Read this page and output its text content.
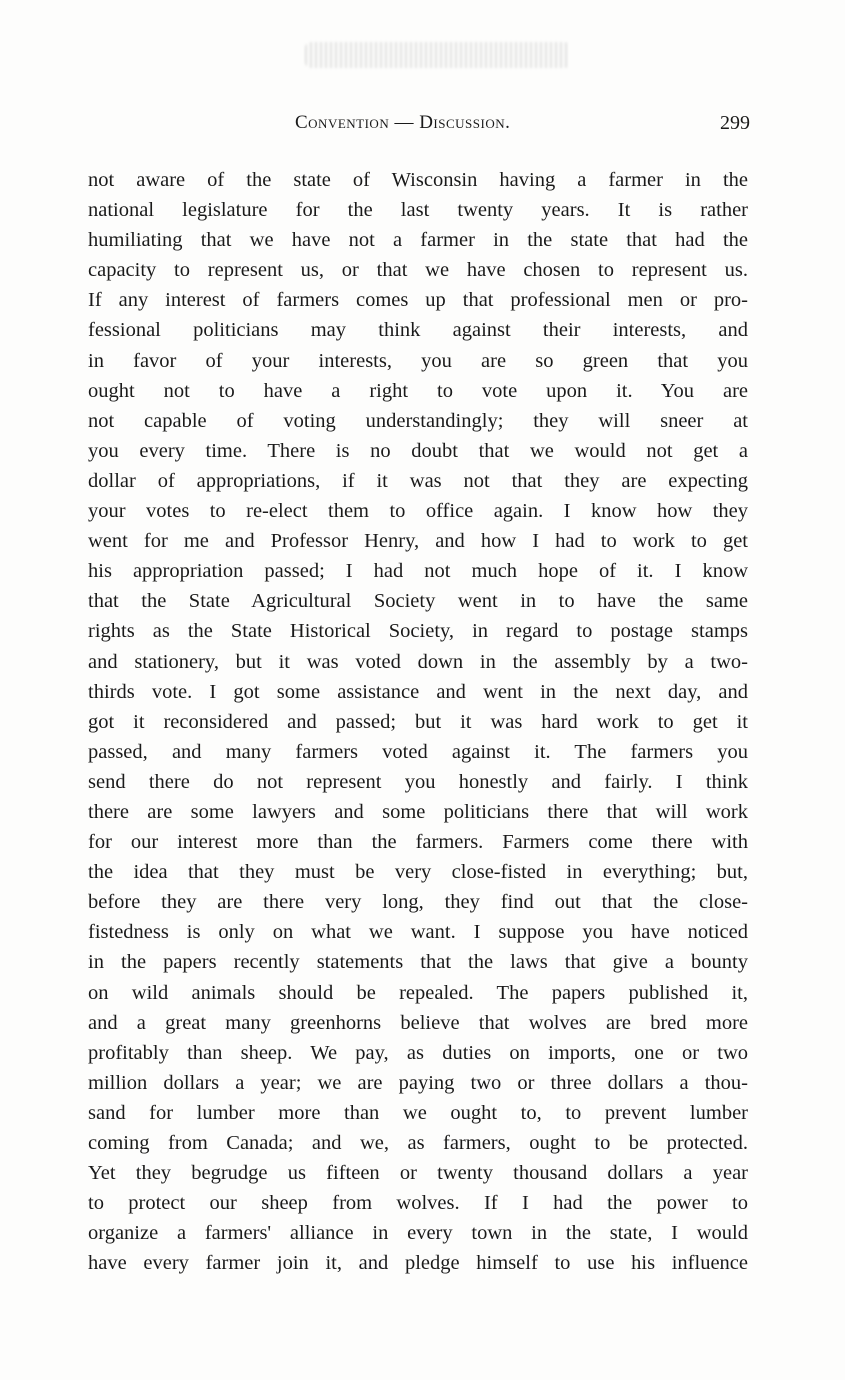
Convention — Discussion.	299
not aware of the state of Wisconsin having a farmer in the
national legislature for the last twenty years. It is rather
humiliating that we have not a farmer in the state that had the
capacity to represent us, or that we have chosen to represent us.
If any interest of farmers comes up that professional men or pro-
fessional politicians may think against their interests, and
in favor of your interests, you are so green that you
ought not to have a right to vote upon it. You are
not capable of voting understandingly; they will sneer at
you every time. There is no doubt that we would not get a
dollar of appropriations, if it was not that they are expecting
your votes to re-elect them to office again. I know how they
went for me and Professor Henry, and how I had to work to get
his appropriation passed; I had not much hope of it. I know
that the State Agricultural Society went in to have the same
rights as the State Historical Society, in regard to postage stamps
and stationery, but it was voted down in the assembly by a two-
thirds vote. I got some assistance and went in the next day, and
got it reconsidered and passed; but it was hard work to get it
passed, and many farmers voted against it. The farmers you
send there do not represent you honestly and fairly. I think
there are some lawyers and some politicians there that will work
for our interest more than the farmers. Farmers come there with
the idea that they must be very close-fisted in everything; but,
before they are there very long, they find out that the close-
fistedness is only on what we want. I suppose you have noticed
in the papers recently statements that the laws that give a bounty
on wild animals should be repealed. The papers published it,
and a great many greenhorns believe that wolves are bred more
profitably than sheep. We pay, as duties on imports, one or two
million dollars a year; we are paying two or three dollars a thou-
sand for lumber more than we ought to, to prevent lumber
coming from Canada; and we, as farmers, ought to be protected.
Yet they begrudge us fifteen or twenty thousand dollars a year
to protect our sheep from wolves. If I had the power to
organize a farmers' alliance in every town in the state, I would
have every farmer join it, and pledge himself to use his influence
